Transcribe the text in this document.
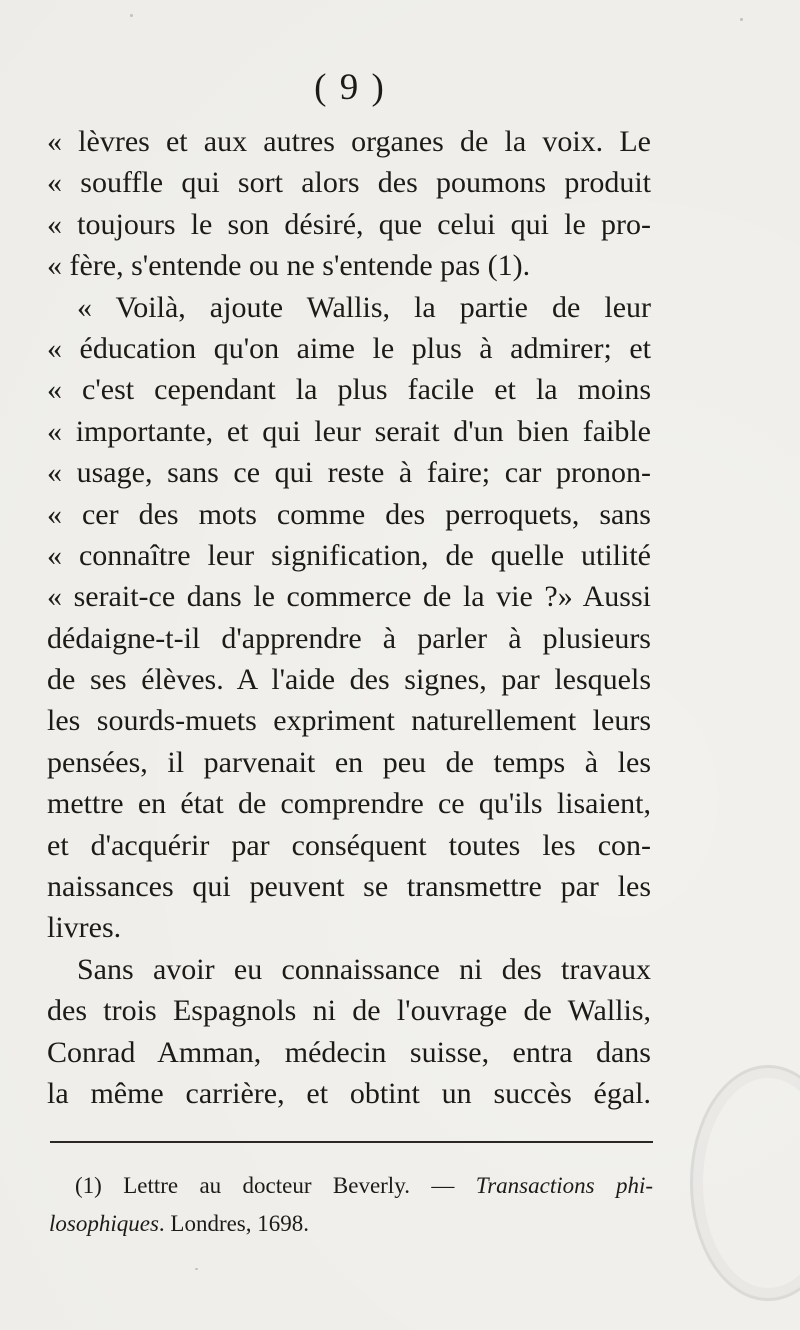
( 9 )
« lèvres et aux autres organes de la voix. Le
« souffle qui sort alors des poumons produit
« toujours le son désiré, que celui qui le pro-
« fère, s'entende ou ne s'entende pas (1).
« Voilà, ajoute Wallis, la partie de leur
« éducation qu'on aime le plus à admirer; et
« c'est cependant la plus facile et la moins
« importante, et qui leur serait d'un bien faible
« usage, sans ce qui reste à faire; car pronon-
« cer des mots comme des perroquets, sans
« connaître leur signification, de quelle utilité
« serait-ce dans le commerce de la vie ?» Aussi
dédaigne-t-il d'apprendre à parler à plusieurs
de ses élèves. A l'aide des signes, par lesquels
les sourds-muets expriment naturellement leurs
pensées, il parvenait en peu de temps à les
mettre en état de comprendre ce qu'ils lisaient,
et d'acquérir par conséquent toutes les con-
naissances qui peuvent se transmettre par les
livres.
Sans avoir eu connaissance ni des travaux
des trois Espagnols ni de l'ouvrage de Wallis,
Conrad Amman, médecin suisse, entra dans
la même carrière, et obtint un succès égal.
(1) Lettre au docteur Beverly. — Transactions phi-
losophiques. Londres, 1698.
